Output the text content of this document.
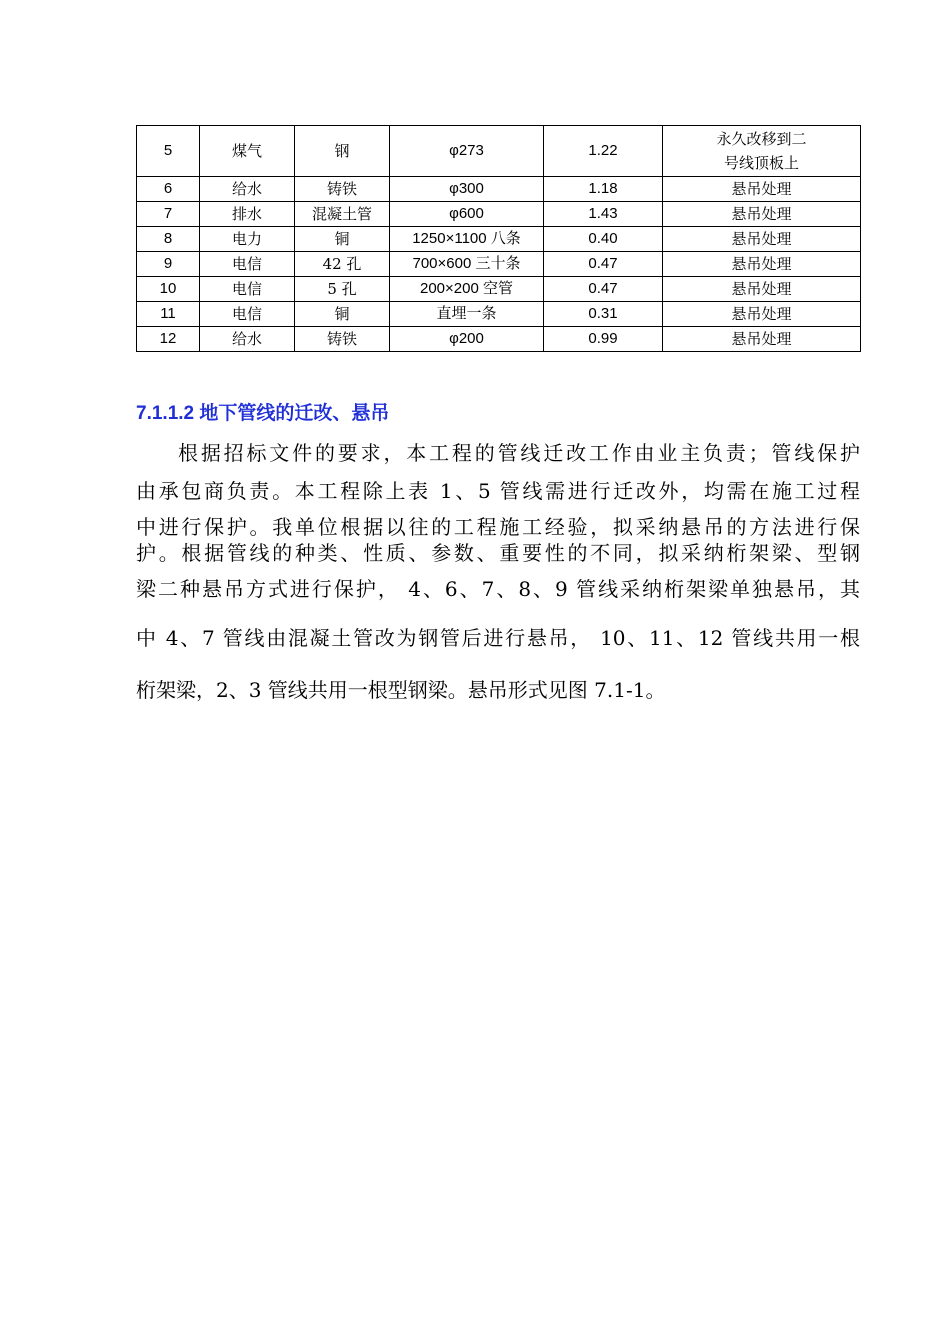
5	煤气	钢	φ273	1.22	永久改移到二
号线顶板上

6	给水	铸铁	φ300	1.18	悬吊处理
7	排水	混凝土管	φ600	1.43	悬吊处理
8	电力	铜	1250×1100 八条	0.40	悬吊处理
9	电信	42 孔	700×600 三十条	0.47	悬吊处理
10	电信	5 孔	200×200 空管	0.47	悬吊处理
11	电信	铜	直埋一条	0.31	悬吊处理
12	给水	铸铁	φ200	0.99	悬吊处理
7.1.1.2 地下管线的迁改、悬吊
根据招标文件的要求，本工程的管线迁改工作由业主负责；管线保护
由承包商负责。本工程除上表 1、5 管线需进行迁改外，均需在施工过程
中进行保护。我单位根据以往的工程施工经验，拟采纳悬吊的方法进行保
护。根据管线的种类、性质、参数、重要性的不同，拟采纳桁架梁、型钢
梁二种悬吊方式进行保护， 4、6、7、8、9 管线采纳桁架梁单独悬吊，其
中 4、7 管线由混凝土管改为钢管后进行悬吊， 10、11、12 管线共用一根
桁架梁，2、3 管线共用一根型钢梁。悬吊形式见图 7.1-1。
